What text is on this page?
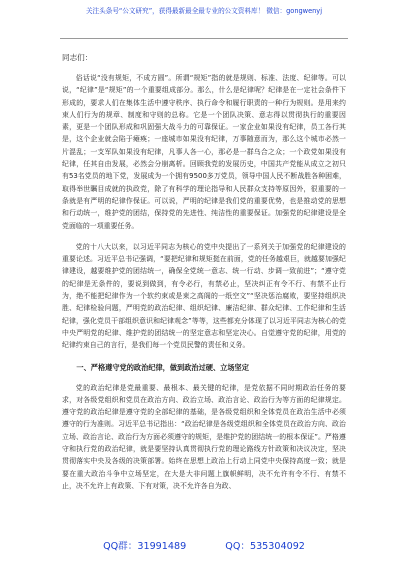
关注头条号“公文研究”，获得最新最全最专业的公文资料库！ 微信：gongwenyj

同志们：

俗话说“没有规矩，不成方圆”。所谓“规矩”指的就是规则、标准、法度、纪律等。可以说，“纪律”是“规矩”的一个重要组成部分。那么，什么是纪律呢？纪律是在一定社会条件下形成的，要求人们在集体生活中遵守秩序、执行命令和履行职责的一种行为规则。是用来约束人们行为的规章、制度和守则的总称。它是一个团队决策、意志得以贯彻执行的重要因素，更是一个团队形成和巩固强大战斗力的可靠保证。一家企业如果没有纪律，员工各行其是，这个企业就会陷于瘫痪；一座城市如果没有纪律，万事随意而为，那么这个城市必然一片混乱；一支军队如果没有纪律，凡事人各一心，那必是一群乌合之众；一个政党如果没有纪律，任其自由发展，必然会分崩离析。回顾我党的发展历史，中国共产党能从成立之初只有53名党员的地下党，发展成为一个拥有9500多万党员，领导中国人民不断战胜各种困难，取得举世瞩目成就的执政党，除了有科学的理论指导和人民群众支持等原因外，很重要的一条就是有严明的纪律作保证。可以说，严明的纪律是我们党的重要优势，也是推动党的思想和行动统一，维护党的团结，保持党的先进性、纯洁性的重要保证。加强党的纪律建设是全党面临的一项重要任务。

党的十八大以来，以习近平同志为核心的党中央提出了一系列关于加强党的纪律建设的重要论述。习近平总书记强调，“要把纪律和规矩挺在前面，党的任务越艰巨，就越要加强纪律建设，越要维护党的团结统一，确保全党统一意志、统一行动、步调一致前进”；“遵守党的纪律是无条件的，要说到做到，有令必行，有禁必止，坚决纠正有令不行、有禁不止行为，绝不能把纪律作为一个软约束或是束之高阁的一纸空文”“坚决惩治腐败，要坚持组织决胜、纪律检验问题，严明党的政治纪律、组织纪律、廉洁纪律、群众纪律、工作纪律和生活纪律，强化党员干部组织意识和纪律观念”等等，这些都充分体现了以习近平同志为核心的党中央严明党的纪律、维护党的团结统一的坚定意志和坚定决心。自觉遵守党的纪律，用党的纪律约束自己的言行，是我们每一个党员民警的责任和义务。

一、严格遵守党的政治纪律，做到政治过硬、立场坚定

党的政治纪律是党最重要、最根本、最关键的纪律，是党依据不同时期政治任务的要求，对各级党组织和党员在政治方向、政治立场、政治言论、政治行为等方面的纪律规定。遵守党的政治纪律是遵守党的全部纪律的基础，是各级党组织和全体党员在政治生活中必须遵守的行为准则。习近平总书记指出：“政治纪律是各级党组织和全体党员在政治方向、政治立场、政治言论、政治行为方面必须遵守的规矩，是维护党的团结统一的根本保证”。严格遵守和执行党的政治纪律，就是要坚持认真贯彻执行党的理论路线方针政策和决议决定，坚决贯彻落实中央及各级的决策部署。始终在思想上政治上行动上同党中央保持高度一致；就是要在重大政治斗争中立场坚定，在大是大非问题上旗帜鲜明，决不允许有令不行、有禁不止，决不允许上有政策、下有对策，决不允许各自为政、

QQ群：31991489	QQ：535304092
